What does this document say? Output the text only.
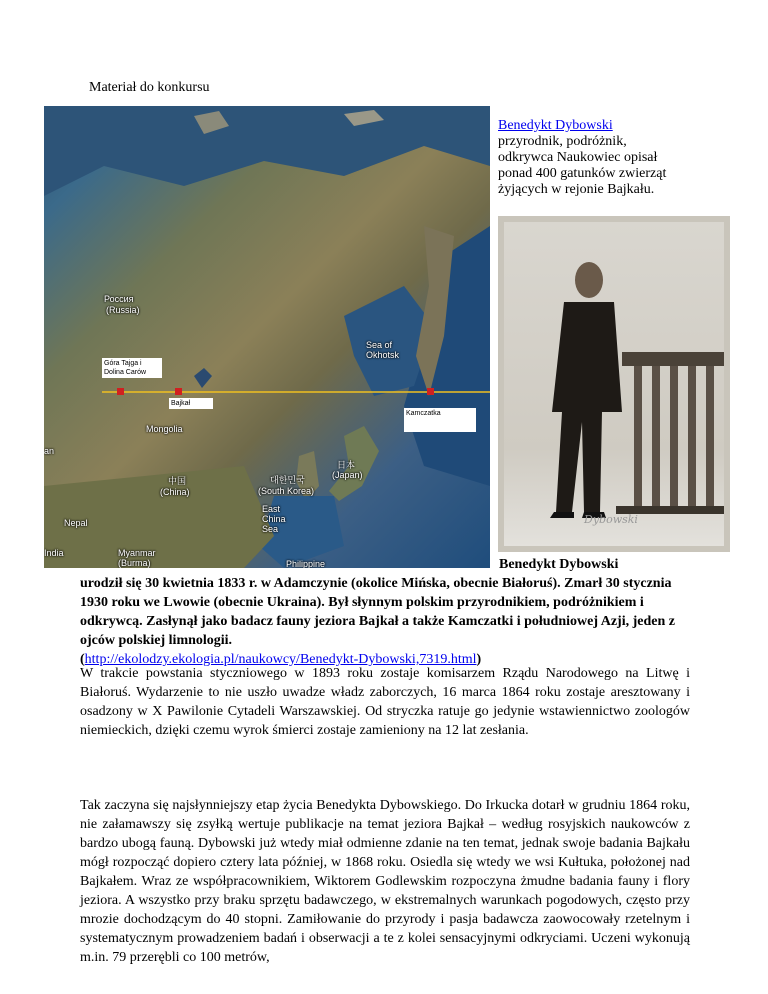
Materiał do konkursu
Россия
(Russia)
Góra Tajga i Dolina Carów
Bajkał
Kamczatka
Mongolia
Sea of Okhotsk
日本
(Japan)
中国
(China)
대한민국
(South Korea)
East China Sea
Nepal
India	Myanmar
(Burma)	Philippine
an
Benedykt Dybowski
przyrodnik, podróżnik, odkrywca Naukowiec opisał ponad 400 gatunków zwierząt żyjących w rejonie Bajkału.
Dybowski
Benedykt Dybowski
urodził się 30 kwietnia 1833 r. w Adamczynie (okolice Mińska, obecnie Białoruś). Zmarł 30 stycznia 1930 roku we Lwowie (obecnie Ukraina). Był słynnym polskim przyrodnikiem, podróżnikiem i odkrywcą. Zasłynął jako badacz fauny jeziora Bajkał a także Kamczatki i południowej Azji, jeden z ojców polskiej limnologii.
(http://ekolodzy.ekologia.pl/naukowcy/Benedykt-Dybowski,7319.html)

W trakcie powstania styczniowego w 1893 roku zostaje komisarzem Rządu Narodowego na Litwę i Białoruś. Wydarzenie to nie uszło uwadze władz zaborczych, 16 marca 1864 roku zostaje aresztowany i osadzony w X Pawilonie Cytadeli Warszawskiej. Od stryczka ratuje go jedynie wstawiennictwo zoologów niemieckich, dzięki czemu wyrok śmierci zostaje zamieniony na 12 lat zesłania.

Tak zaczyna się najsłynniejszy etap życia Benedykta Dybowskiego. Do Irkucka dotarł w grudniu 1864 roku, nie załamawszy się zsyłką wertuje publikacje na temat jeziora Bajkał – według rosyjskich naukowców z bardzo ubogą fauną. Dybowski już wtedy miał odmienne zdanie na ten temat, jednak swoje badania Bajkału mógł rozpocząć dopiero cztery lata później, w 1868 roku. Osiedla się wtedy we wsi Kułtuka, położonej nad Bajkałem. Wraz ze współpracownikiem, Wiktorem Godlewskim rozpoczyna żmudne badania fauny i flory jeziora. A wszystko przy braku sprzętu badawczego, w ekstremalnych warunkach pogodowych, często przy mrozie dochodzącym do 40 stopni. Zamiłowanie do przyrody i pasja badawcza zaowocowały rzetelnym i systematycznym prowadzeniem badań i obserwacji a te z kolei sensacyjnymi odkryciami. Uczeni wykonują m.in. 79 przerębli co 100 metrów,
